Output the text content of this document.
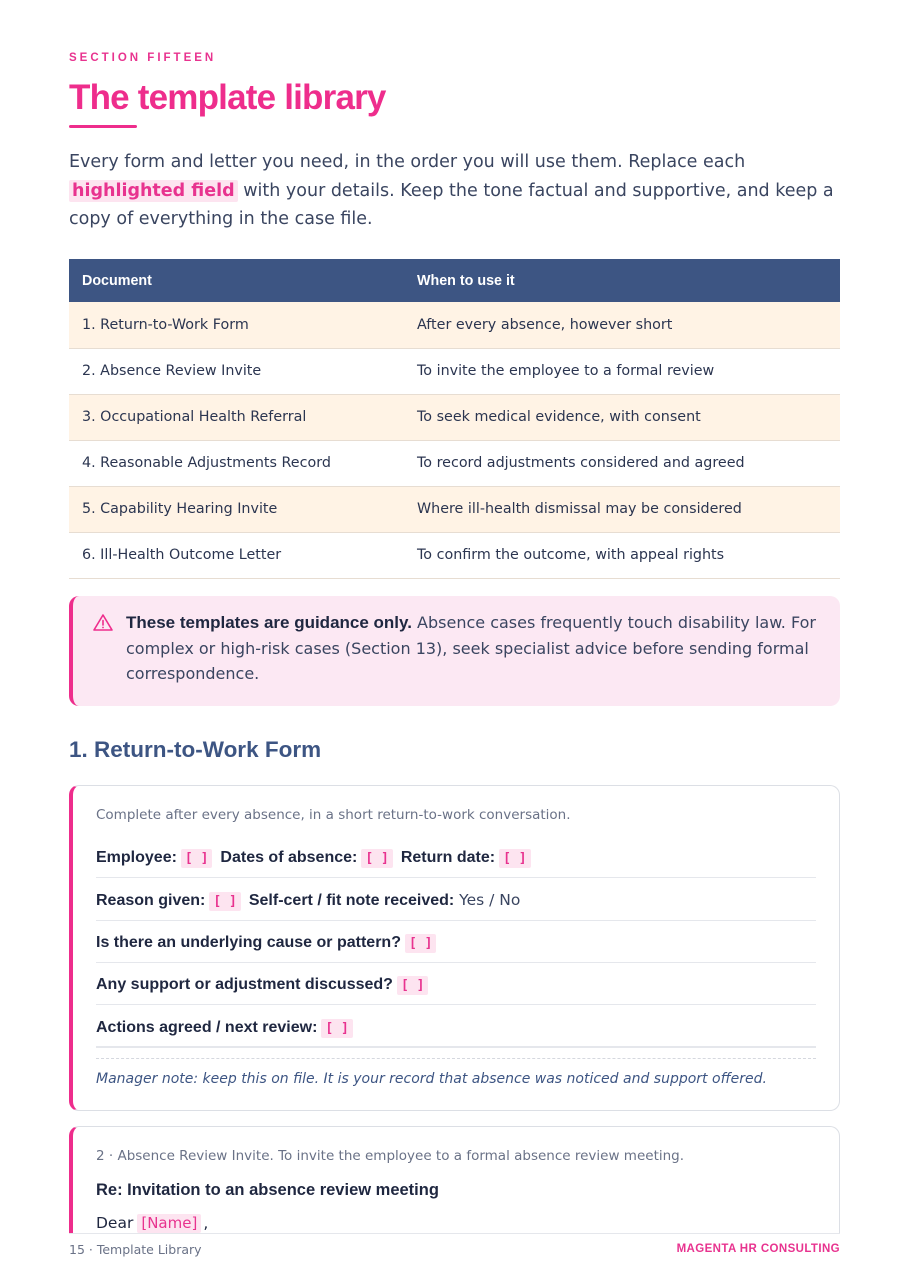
SECTION FIFTEEN
The template library

Every form and letter you need, in the order you will use them. Replace each highlighted field with your details. Keep the tone factual and supportive, and keep a copy of everything in the case file.

Document	When to use it
1. Return-to-Work Form	After every absence, however short
2. Absence Review Invite	To invite the employee to a formal review
3. Occupational Health Referral	To seek medical evidence, with consent
4. Reasonable Adjustments Record	To record adjustments considered and agreed
5. Capability Hearing Invite	Where ill-health dismissal may be considered
6. Ill-Health Outcome Letter	To confirm the outcome, with appeal rights

These templates are guidance only. Absence cases frequently touch disability law. For complex or high-risk cases (Section 13), seek specialist advice before sending formal correspondence.

1. Return-to-Work Form
Complete after every absence, in a short return-to-work conversation.
Employee: [ ] Dates of absence: [ ] Return date: [ ]
Reason given: [ ] Self-cert / fit note received: Yes / No
Is there an underlying cause or pattern? [ ]
Any support or adjustment discussed? [ ]
Actions agreed / next review: [ ]
Manager note: keep this on file. It is your record that absence was noticed and support offered.
2 · Absence Review Invite. To invite the employee to a formal absence review meeting.
Re: Invitation to an absence review meeting
Dear [Name] ,
15 · Template Library	MAGENTA HR CONSULTING
